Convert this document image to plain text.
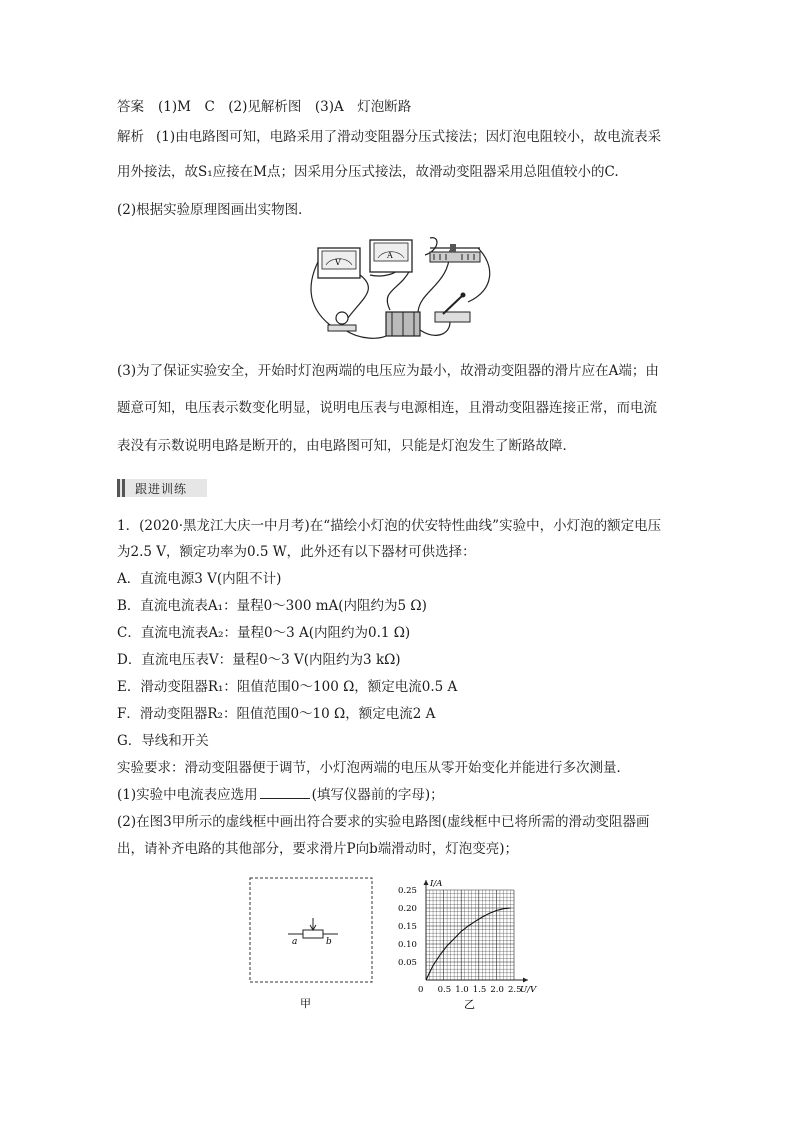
答案 (1)M　C　(2)见解析图　(3)A　灯泡断路
解析 (1)由电路图可知，电路采用了滑动变阻器分压式接法；因灯泡电阻较小，故电流表采
用外接法，故S₁应接在M点；因采用分压式接法，故滑动变阻器采用总阻值较小的C.
(2)根据实验原理图画出实物图．
V
A
(3)为了保证实验安全，开始时灯泡两端的电压应为最小，故滑动变阻器的滑片应在A端；由
题意可知，电压表示数变化明显，说明电压表与电源相连，且滑动变阻器连接正常，而电流
表没有示数说明电路是断开的，由电路图可知，只能是灯泡发生了断路故障．
跟进训练
1．(2020·黑龙江大庆一中月考)在“描绘小灯泡的伏安特性曲线”实验中，小灯泡的额定电压
为2.5 V，额定功率为0.5 W，此外还有以下器材可供选择：
A．直流电源3 V(内阻不计)
B．直流电流表A₁：量程0～300 mA(内阻约为5 Ω)
C．直流电流表A₂：量程0～3 A(内阻约为0.1 Ω)
D．直流电压表V：量程0～3 V(内阻约为3 kΩ)
E．滑动变阻器R₁：阻值范围0～100 Ω，额定电流0.5 A
F．滑动变阻器R₂：阻值范围0～10 Ω，额定电流2 A
G．导线和开关
实验要求：滑动变阻器便于调节，小灯泡两端的电压从零开始变化并能进行多次测量．
(1)实验中电流表应选用	(填写仪器前的字母)；
(2)在图3甲所示的虚线框中画出符合要求的实验电路图(虚线框中已将所需的滑动变阻器画
出，请补齐电路的其他部分，要求滑片P向b端滑动时，灯泡变亮)；
a	b
甲
0.5 1.0 1.5 2.0 2.5
0.05
0.10
0.15
0.20
0.25
0	U/V
I/A
乙
